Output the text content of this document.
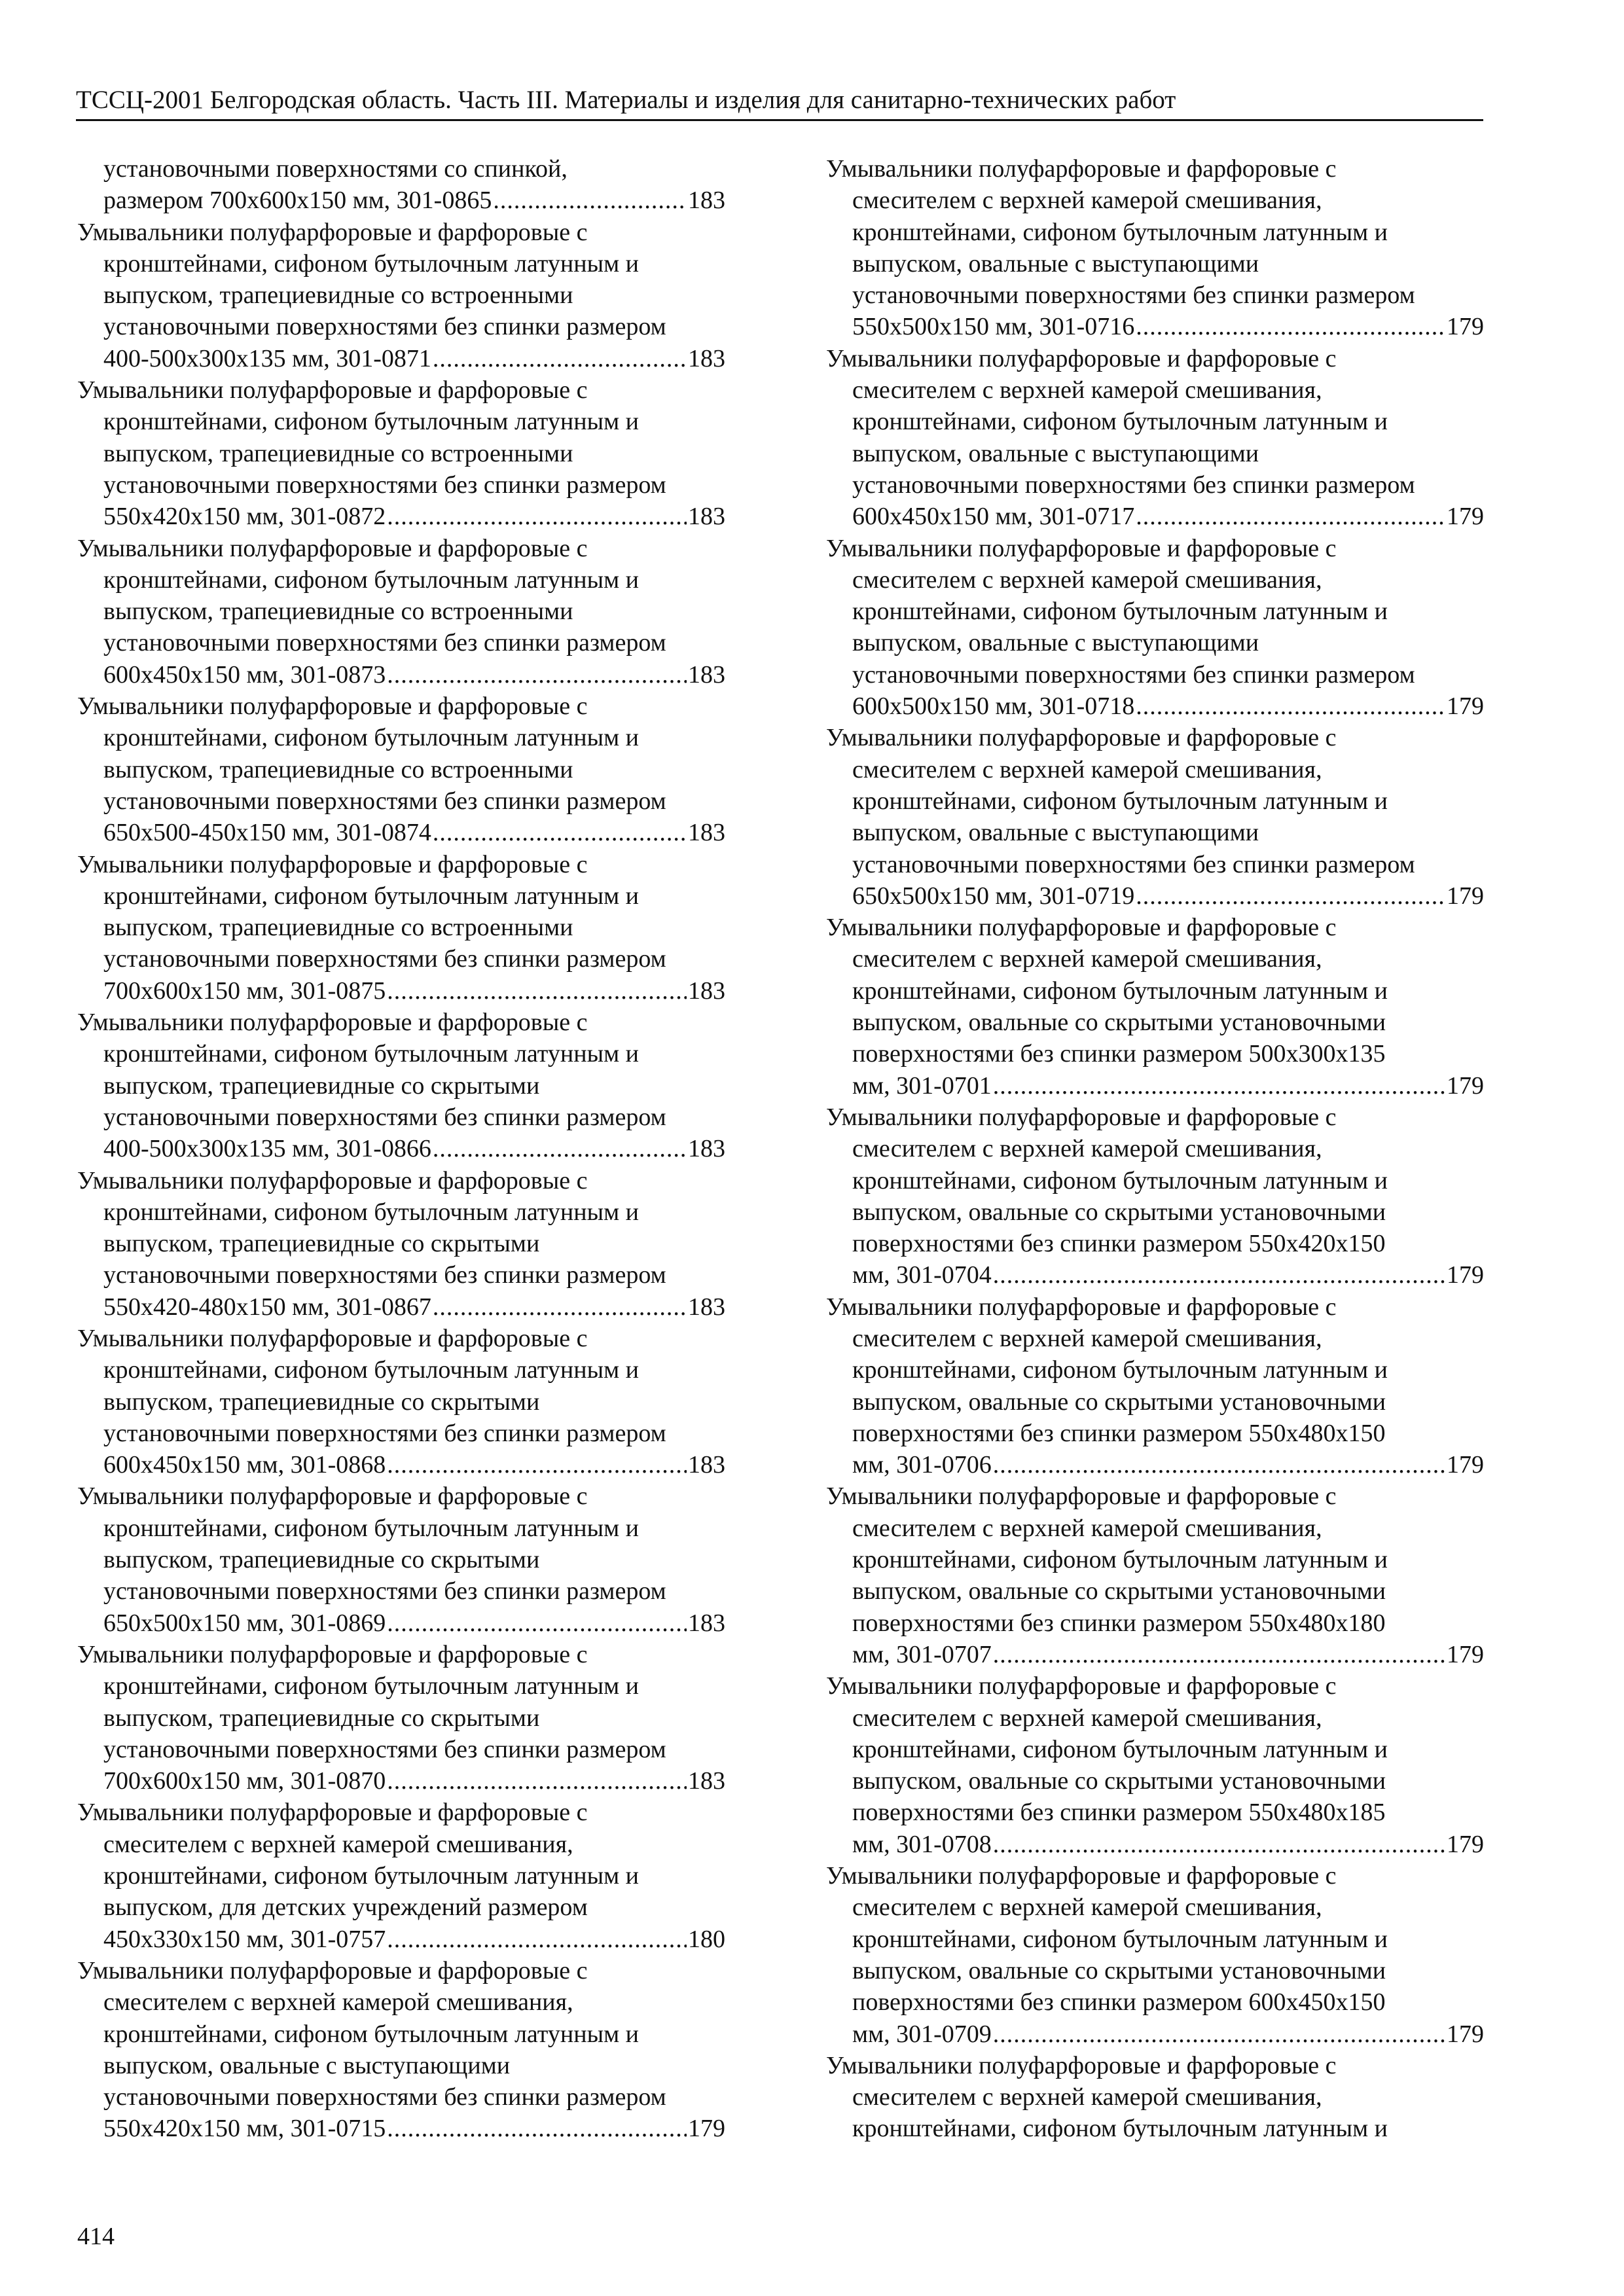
ТССЦ-2001 Белгородская область. Часть III. Материалы и изделия для санитарно-технических работ
установочными поверхностями со спинкой,
размером 700х600х150 мм, 301-0865 .....	183
Умывальники полуфарфоровые и фарфоровые с
кронштейнами, сифоном бутылочным латунным и
выпуском, трапециевидные со встроенными
установочными поверхностями без спинки размером
400-500х300х135 мм, 301-0871 .....	183
Умывальники полуфарфоровые и фарфоровые с
кронштейнами, сифоном бутылочным латунным и
выпуском, трапециевидные со встроенными
установочными поверхностями без спинки размером
550х420х150 мм, 301-0872 .....	183
Умывальники полуфарфоровые и фарфоровые с
кронштейнами, сифоном бутылочным латунным и
выпуском, трапециевидные со встроенными
установочными поверхностями без спинки размером
600х450х150 мм, 301-0873 .....	183
Умывальники полуфарфоровые и фарфоровые с
кронштейнами, сифоном бутылочным латунным и
выпуском, трапециевидные со встроенными
установочными поверхностями без спинки размером
650х500-450х150 мм, 301-0874 .....	183
Умывальники полуфарфоровые и фарфоровые с
кронштейнами, сифоном бутылочным латунным и
выпуском, трапециевидные со встроенными
установочными поверхностями без спинки размером
700х600х150 мм, 301-0875 .....	183
Умывальники полуфарфоровые и фарфоровые с
кронштейнами, сифоном бутылочным латунным и
выпуском, трапециевидные со скрытыми
установочными поверхностями без спинки размером
400-500х300х135 мм, 301-0866 .....	183
Умывальники полуфарфоровые и фарфоровые с
кронштейнами, сифоном бутылочным латунным и
выпуском, трапециевидные со скрытыми
установочными поверхностями без спинки размером
550х420-480х150 мм, 301-0867 .....	183
Умывальники полуфарфоровые и фарфоровые с
кронштейнами, сифоном бутылочным латунным и
выпуском, трапециевидные со скрытыми
установочными поверхностями без спинки размером
600х450х150 мм, 301-0868 .....	183
Умывальники полуфарфоровые и фарфоровые с
кронштейнами, сифоном бутылочным латунным и
выпуском, трапециевидные со скрытыми
установочными поверхностями без спинки размером
650х500х150 мм, 301-0869 .....	183
Умывальники полуфарфоровые и фарфоровые с
кронштейнами, сифоном бутылочным латунным и
выпуском, трапециевидные со скрытыми
установочными поверхностями без спинки размером
700х600х150 мм, 301-0870 .....	183
Умывальники полуфарфоровые и фарфоровые с
смесителем с верхней камерой смешивания,
кронштейнами, сифоном бутылочным латунным и
выпуском, для детских учреждений размером
450х330х150 мм, 301-0757 .....	180
Умывальники полуфарфоровые и фарфоровые с
смесителем с верхней камерой смешивания,
кронштейнами, сифоном бутылочным латунным и
выпуском, овальные с выступающими
установочными поверхностями без спинки размером
550х420х150 мм, 301-0715 .....	179
Умывальники полуфарфоровые и фарфоровые с
смесителем с верхней камерой смешивания,
кронштейнами, сифоном бутылочным латунным и
выпуском, овальные с выступающими
установочными поверхностями без спинки размером
550х500х150 мм, 301-0716 .....	179
Умывальники полуфарфоровые и фарфоровые с
смесителем с верхней камерой смешивания,
кронштейнами, сифоном бутылочным латунным и
выпуском, овальные с выступающими
установочными поверхностями без спинки размером
600х450х150 мм, 301-0717 .....	179
Умывальники полуфарфоровые и фарфоровые с
смесителем с верхней камерой смешивания,
кронштейнами, сифоном бутылочным латунным и
выпуском, овальные с выступающими
установочными поверхностями без спинки размером
600х500х150 мм, 301-0718 .....	179
Умывальники полуфарфоровые и фарфоровые с
смесителем с верхней камерой смешивания,
кронштейнами, сифоном бутылочным латунным и
выпуском, овальные с выступающими
установочными поверхностями без спинки размером
650х500х150 мм, 301-0719 .....	179
Умывальники полуфарфоровые и фарфоровые с
смесителем с верхней камерой смешивания,
кронштейнами, сифоном бутылочным латунным и
выпуском, овальные со скрытыми установочными
поверхностями без спинки размером 500х300х135
мм, 301-0701 .....	179
Умывальники полуфарфоровые и фарфоровые с
смесителем с верхней камерой смешивания,
кронштейнами, сифоном бутылочным латунным и
выпуском, овальные со скрытыми установочными
поверхностями без спинки размером 550х420х150
мм, 301-0704 .....	179
Умывальники полуфарфоровые и фарфоровые с
смесителем с верхней камерой смешивания,
кронштейнами, сифоном бутылочным латунным и
выпуском, овальные со скрытыми установочными
поверхностями без спинки размером 550х480х150
мм, 301-0706 .....	179
Умывальники полуфарфоровые и фарфоровые с
смесителем с верхней камерой смешивания,
кронштейнами, сифоном бутылочным латунным и
выпуском, овальные со скрытыми установочными
поверхностями без спинки размером 550х480х180
мм, 301-0707 .....	179
Умывальники полуфарфоровые и фарфоровые с
смесителем с верхней камерой смешивания,
кронштейнами, сифоном бутылочным латунным и
выпуском, овальные со скрытыми установочными
поверхностями без спинки размером 550х480х185
мм, 301-0708 .....	179
Умывальники полуфарфоровые и фарфоровые с
смесителем с верхней камерой смешивания,
кронштейнами, сифоном бутылочным латунным и
выпуском, овальные со скрытыми установочными
поверхностями без спинки размером 600х450х150
мм, 301-0709 .....	179
Умывальники полуфарфоровые и фарфоровые с
смесителем с верхней камерой смешивания,
кронштейнами, сифоном бутылочным латунным и
414
